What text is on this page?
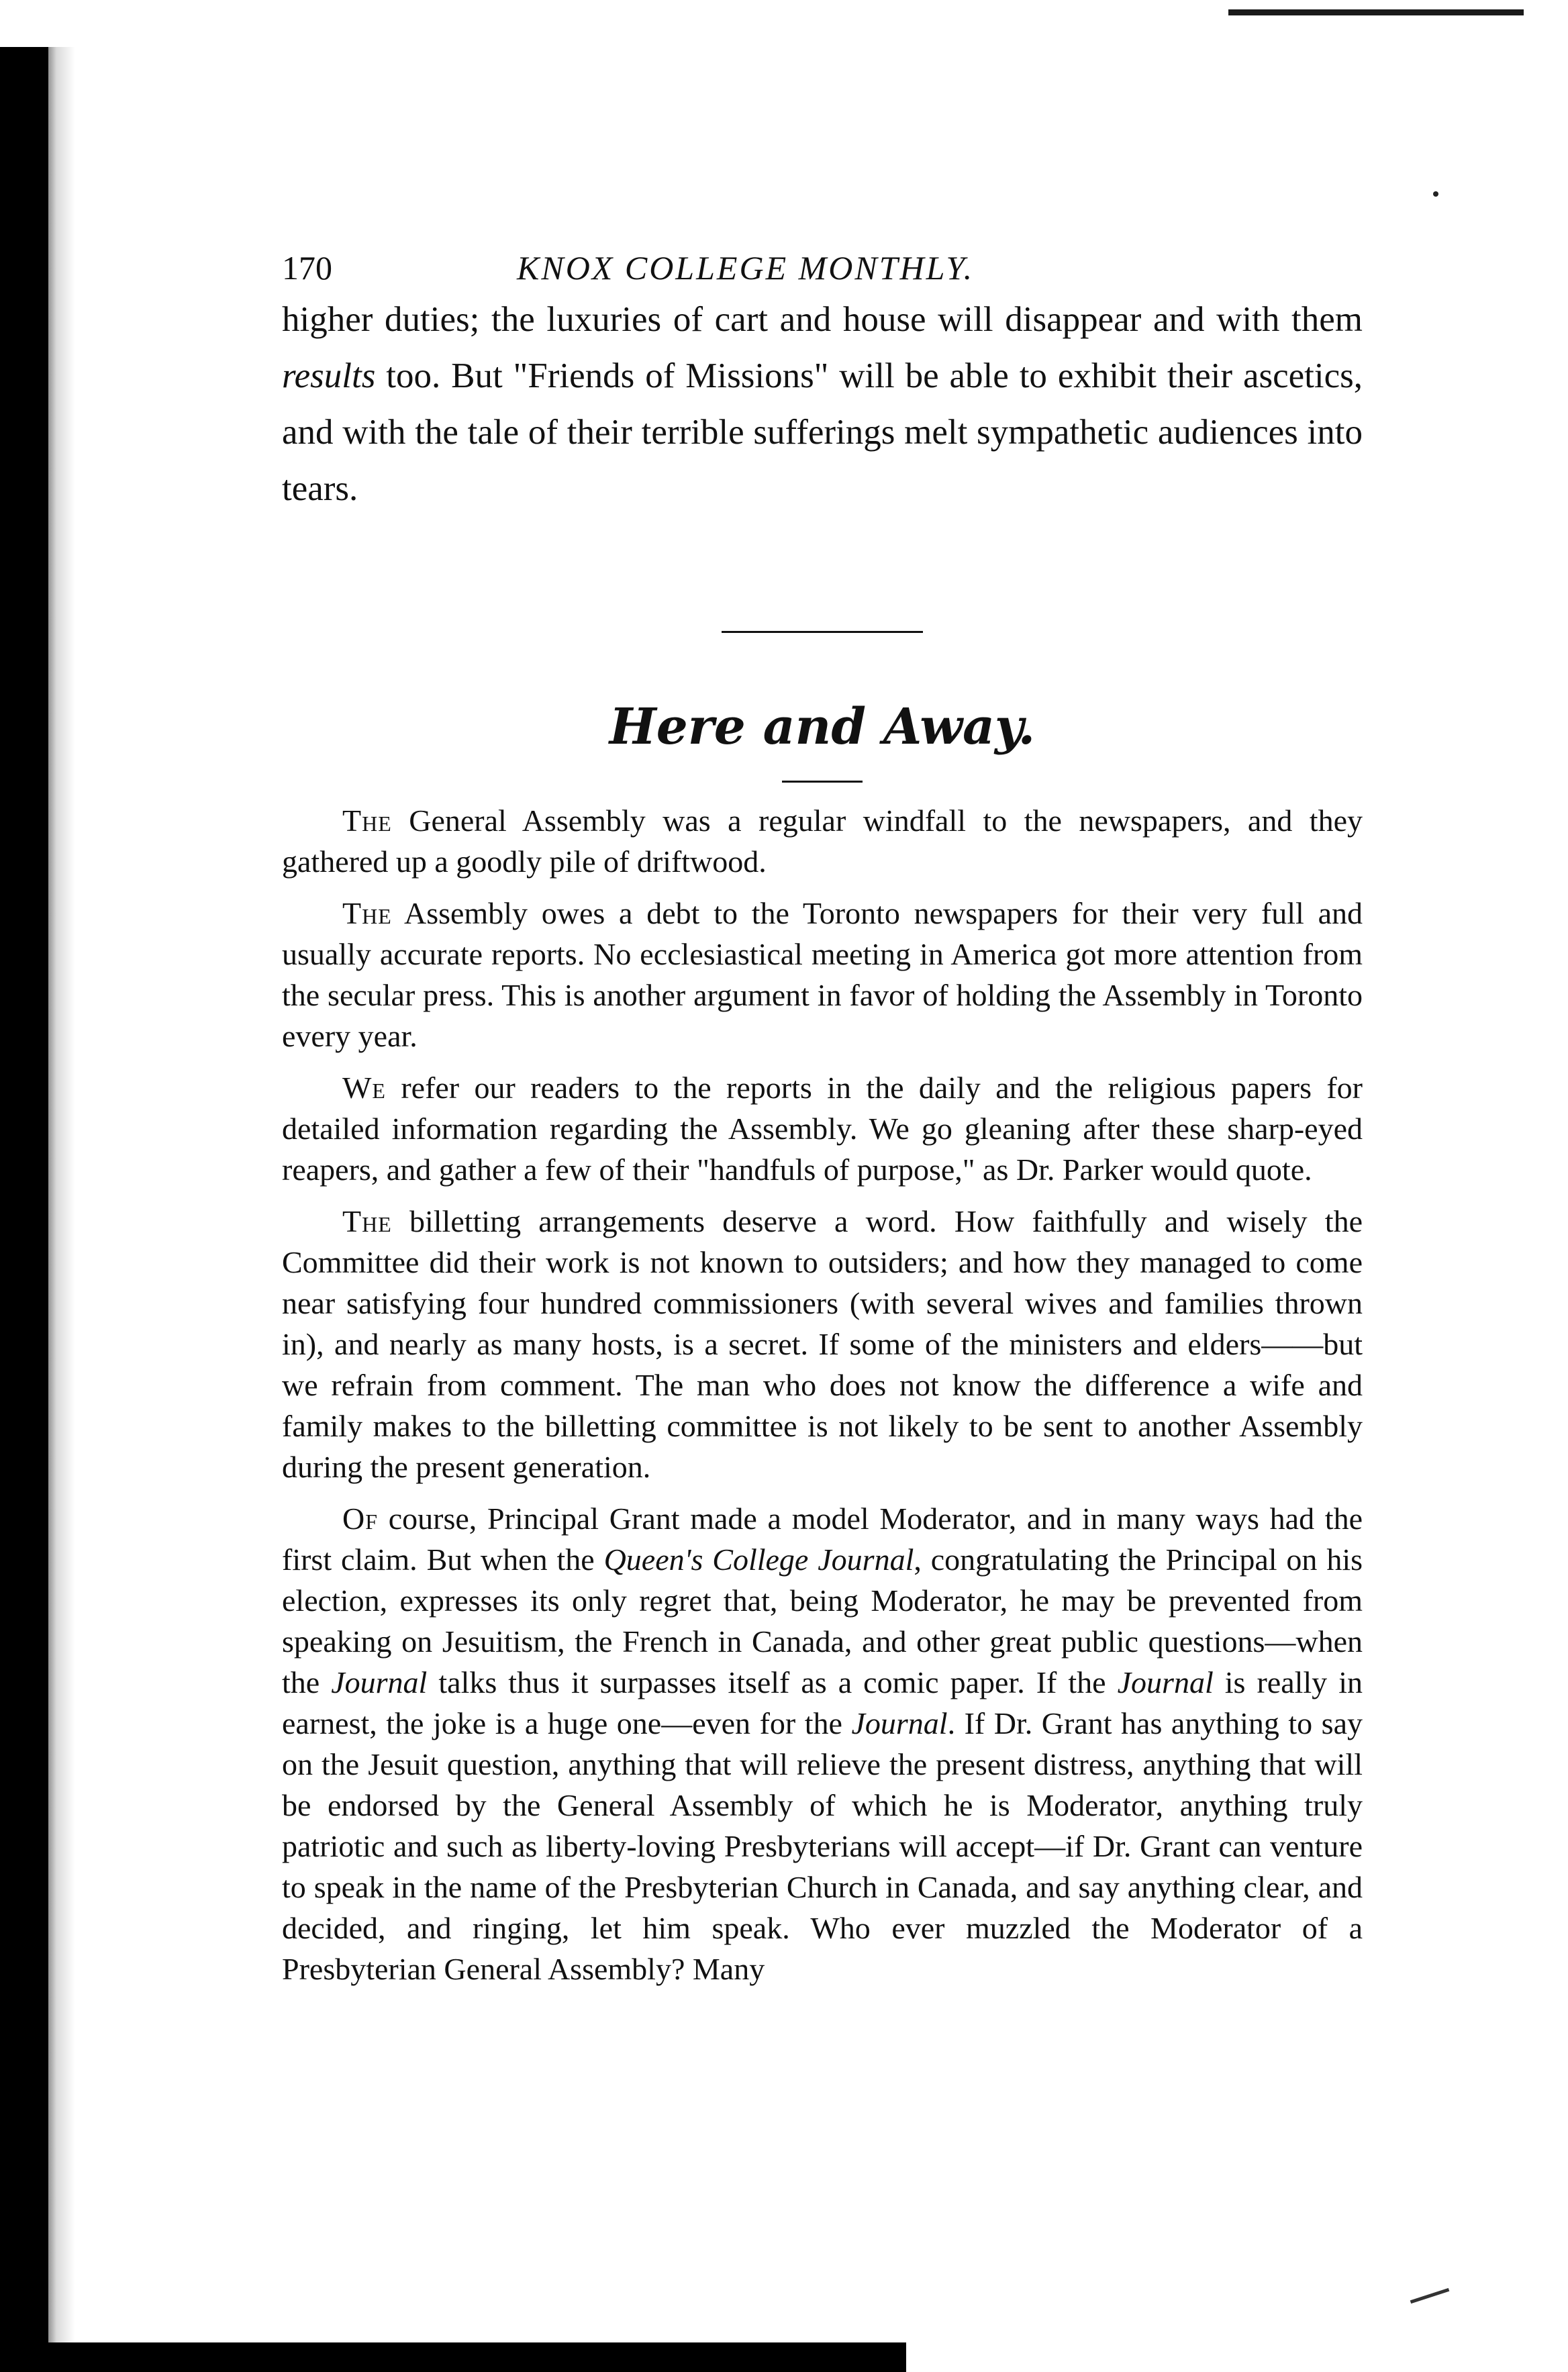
170	KNOX COLLEGE MONTHLY.

higher duties; the luxuries of cart and house will disappear and with them results too. But "Friends of Missions" will be able to exhibit their ascetics, and with the tale of their terrible sufferings melt sympathetic audiences into tears.

Here and Away.

The General Assembly was a regular windfall to the newspapers, and they gathered up a goodly pile of driftwood.

The Assembly owes a debt to the Toronto newspapers for their very full and usually accurate reports. No ecclesiastical meeting in America got more attention from the secular press. This is another argument in favor of holding the Assembly in Toronto every year.

We refer our readers to the reports in the daily and the religious papers for detailed information regarding the Assembly. We go gleaning after these sharp-eyed reapers, and gather a few of their "handfuls of purpose," as Dr. Parker would quote.

The billetting arrangements deserve a word. How faithfully and wisely the Committee did their work is not known to outsiders; and how they managed to come near satisfying four hundred commissioners (with several wives and families thrown in), and nearly as many hosts, is a secret. If some of the ministers and elders——but we refrain from comment. The man who does not know the difference a wife and family makes to the billetting committee is not likely to be sent to another Assembly during the present generation.

Of course, Principal Grant made a model Moderator, and in many ways had the first claim. But when the Queen's College Journal, congratulating the Principal on his election, expresses its only regret that, being Moderator, he may be prevented from speaking on Jesuitism, the French in Canada, and other great public questions—when the Journal talks thus it surpasses itself as a comic paper. If the Journal is really in earnest, the joke is a huge one—even for the Journal. If Dr. Grant has anything to say on the Jesuit question, anything that will relieve the present distress, anything that will be endorsed by the General Assembly of which he is Moderator, anything truly patriotic and such as liberty-loving Presbyterians will accept—if Dr. Grant can venture to speak in the name of the Presbyterian Church in Canada, and say anything clear, and decided, and ringing, let him speak. Who ever muzzled the Moderator of a Presbyterian General Assembly? Many
